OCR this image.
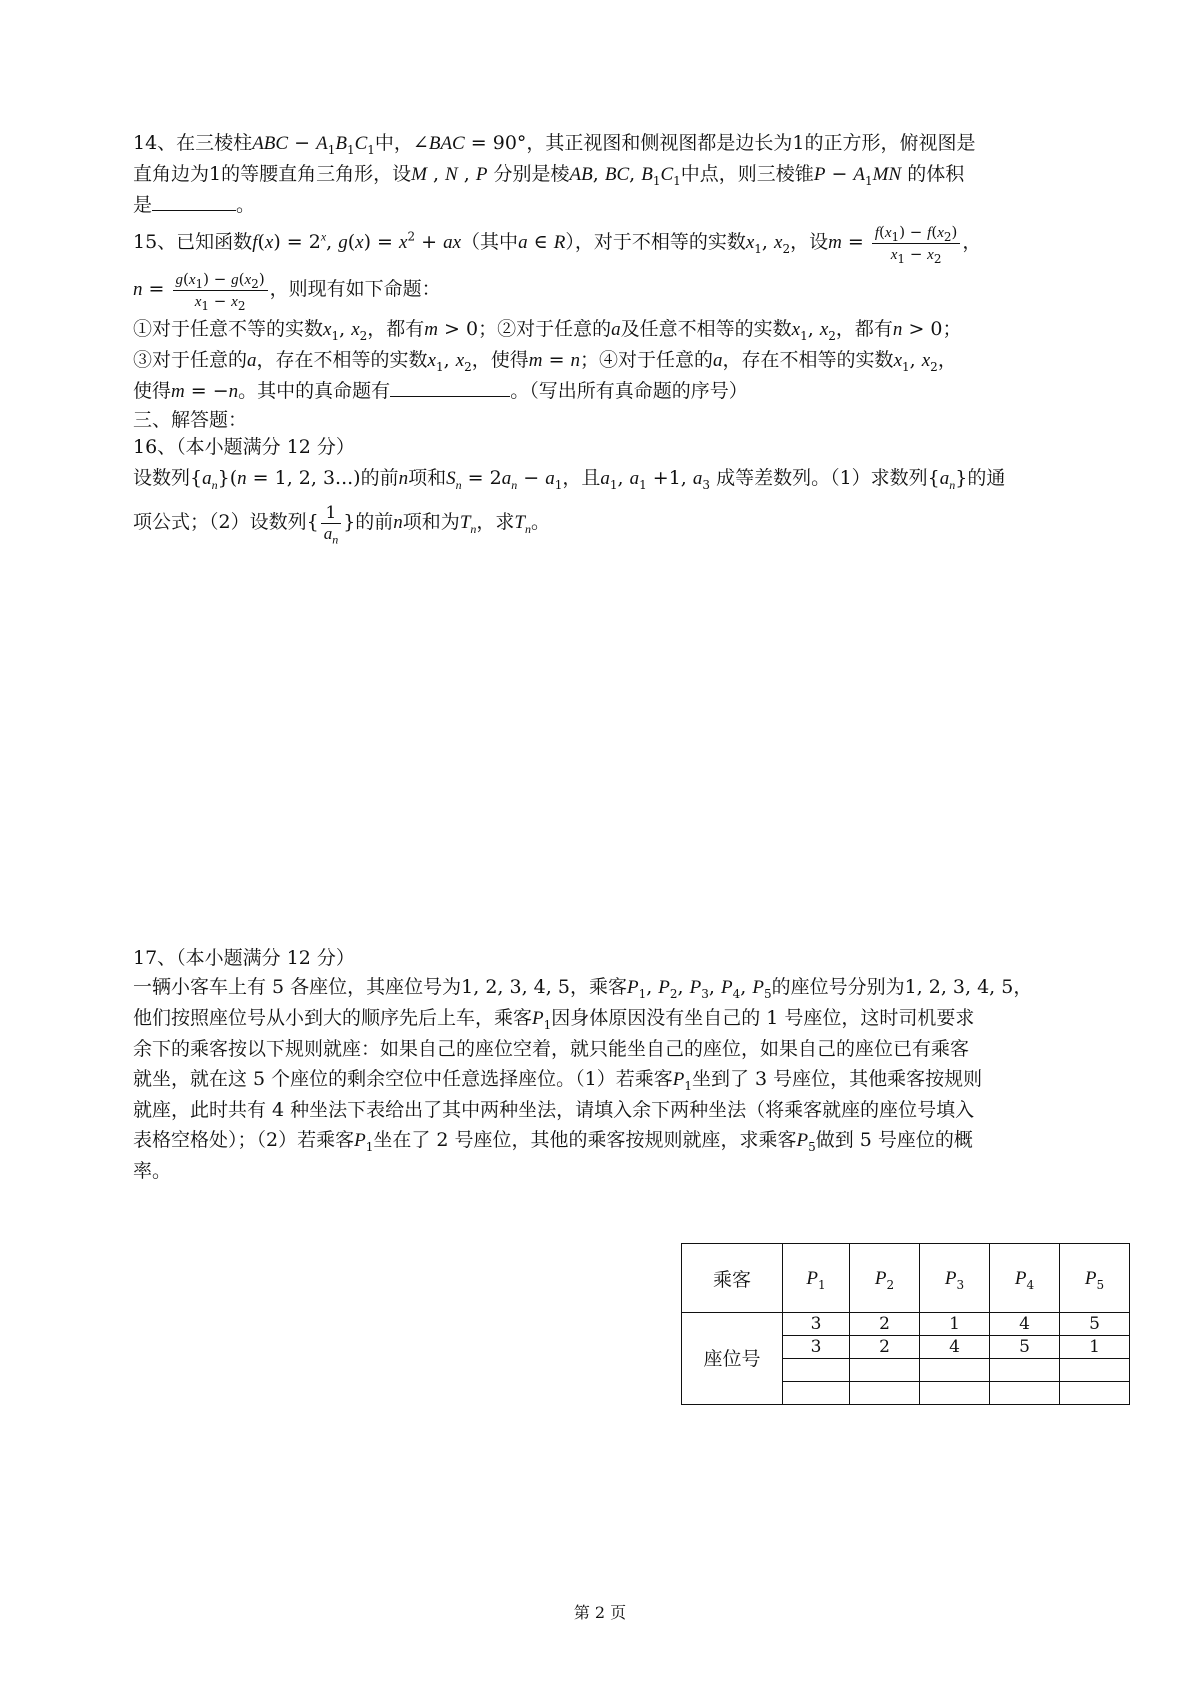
14、在三棱柱ABC − $A_1B_1C_1$中，∠BAC = 90°，其正视图和侧视图都是边长为1的正方形，俯视图是

直角边为1的等腰直角三角形，设M , N , P 分别是棱AB, BC, $B_1C_1$中点，则三棱锥$P - A_1MN$ 的体积

是	。

15、已知函数$f(x) = 2^x$, $g(x) = x^2 + ax$（其中a ∈ R），对于不相等的实数$x_1$, $x_2$，设$m = \frac{f(x_1) - f(x_2)}{x_1 - x_2}$ ，

$n = \frac{g(x_1) - g(x_2)}{x_1 - x_2}$ ，则现有如下命题：

①对于任意不等的实数$x_1$, $x_2$，都有m > 0；②对于任意的a及任意不相等的实数$x_1$, $x_2$，都有n > 0；

③对于任意的a，存在不相等的实数$x_1$, $x_2$，使得m = n；④对于任意的a，存在不相等的实数$x_1$, $x_2$，

使得m = −n。其中的真命题有	。（写出所有真命题的序号）

三、解答题：

16、（本小题满分 12 分）

设数列$\{a_n\}(n = 1$, 2, 3...)的前n项和$S_n = 2a_n - a_1$，且$a_1$, $a_1 +1$, $a_3$ 成等差数列。（1）求数列$\{a_n\}$的通

项公式；（2）设数列{ $\frac{1}{a_n}$ }的前n项和为$T_n$，求$T_n$。

17、（本小题满分 12 分）

一辆小客车上有 5 各座位，其座位号为1, 2, 3, 4, 5，乘客$P_1$, $P_2$, $P_3$, $P_4$, $P_5$的座位号分别为1, 2, 3, 4, 5，

他们按照座位号从小到大的顺序先后上车，乘客$P_1$因身体原因没有坐自己的 1 号座位，这时司机要求

余下的乘客按以下规则就座：如果自己的座位空着，就只能坐自己的座位，如果自己的座位已有乘客

就坐，就在这 5 个座位的剩余空位中任意选择座位。（1）若乘客$P_1$坐到了 3 号座位，其他乘客按规则

就座，此时共有 4 种坐法下表给出了其中两种坐法，请填入余下两种坐法（将乘客就座的座位号填入

表格空格处）；（2）若乘客$P_1$坐在了 2 号座位，其他的乘客按规则就座，求乘客$P_5$做到 5 号座位的概

率。

乘客	$P_1$	$P_2$	$P_3$	$P_4$	$P_5$
座位号	3	2	1	4	5
	3	2	4	5	1

第 2 页
